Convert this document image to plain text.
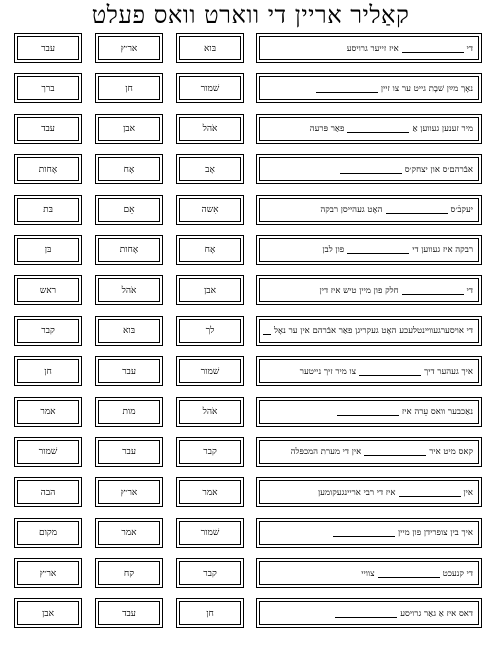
קאַליר אריין די ווארט וואס פעלט
די
איז זייער גרויסע
בּוא
אר׳ץ
עבר
נאָך מײַן שׁבָת גייט ער צו זיין
שׁמור
חן
ברך
מיר זענען געווען אַ
פאַר פּרעה
אֹהל
אבן
עבד
אבֿרהם׳ס און יצחק׳ס
אָב
אָח
אָחות
יעקבֿ׳ס
האָט געהייסן רבקה
אִשה
אֵם
בּת
רבקה איז געווען די
פון לבן
אָח
אָחות
בּן
די
חלק פון מיין טיש איז דין
אבן
אֹהל
ראש
די אױסערגעװײנטלעכע האָט געקריגן פאַר אבֿרהם אין ער נאָל
לך
בּוא
קבר
איך געהער דיך
צו מיר זיך נייטער
שׁמור
עבר
חן
נאַכבער וואס עֵרה איז
אֹהל
מות
אמר
קאס מיט איר
אין די מערת המכפּלה
קבר
עבר
שׁמור
אין
איז די רבי אריינגעקומען
אמר
אר׳ץ
הבה
איך בין צופרידן פון מיין
שׁמור
אמר
מקום
די קנעכט
צוויי
קבר
קח
אר׳ץ
דאס איז אַ גאַר גרויסע
חן
עבד
אבן
